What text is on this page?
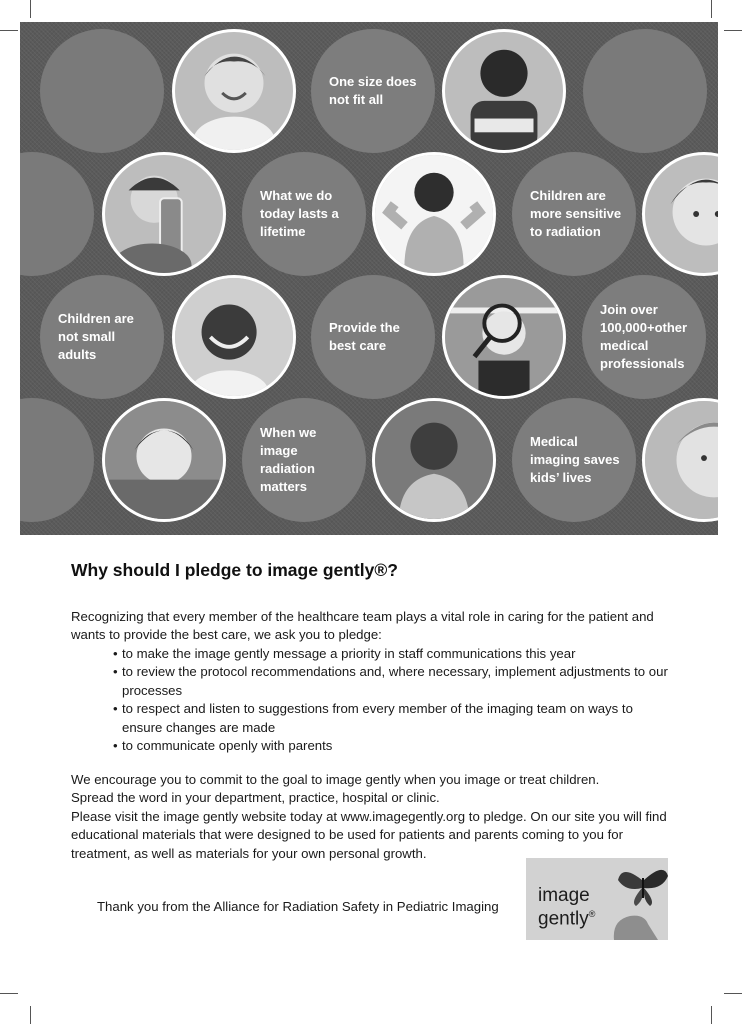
One size does not fit all
What we do today lasts a lifetime
Children are more sensitive to radiation
Children are not small adults
Provide the best care
Join over 100,000+other medical professionals
When we image radiation matters
Medical imaging saves kids’ lives
Why should I pledge to image gently®?

Recognizing that every member of the healthcare team plays a vital role in caring for the patient and wants to provide the best care, we ask you to pledge:

• to make the image gently message a priority in staff communications this year
• to review the protocol recommendations and, where necessary, implement adjustments to our processes
• to respect and listen to suggestions from every member of the imaging team on ways to ensure changes are made
• to communicate openly with parents

We encourage you to commit to the goal to image gently when you image or treat children.

Spread the word in your department, practice, hospital or clinic.

Please visit the image gently website today at www.imagegently.org to pledge. On our site you will find educational materials that were designed to be used for patients and parents coming to you for treatment, as well as materials for your own personal growth.

Thank you from the Alliance for Radiation Safety in Pediatric Imaging
image
gently®
